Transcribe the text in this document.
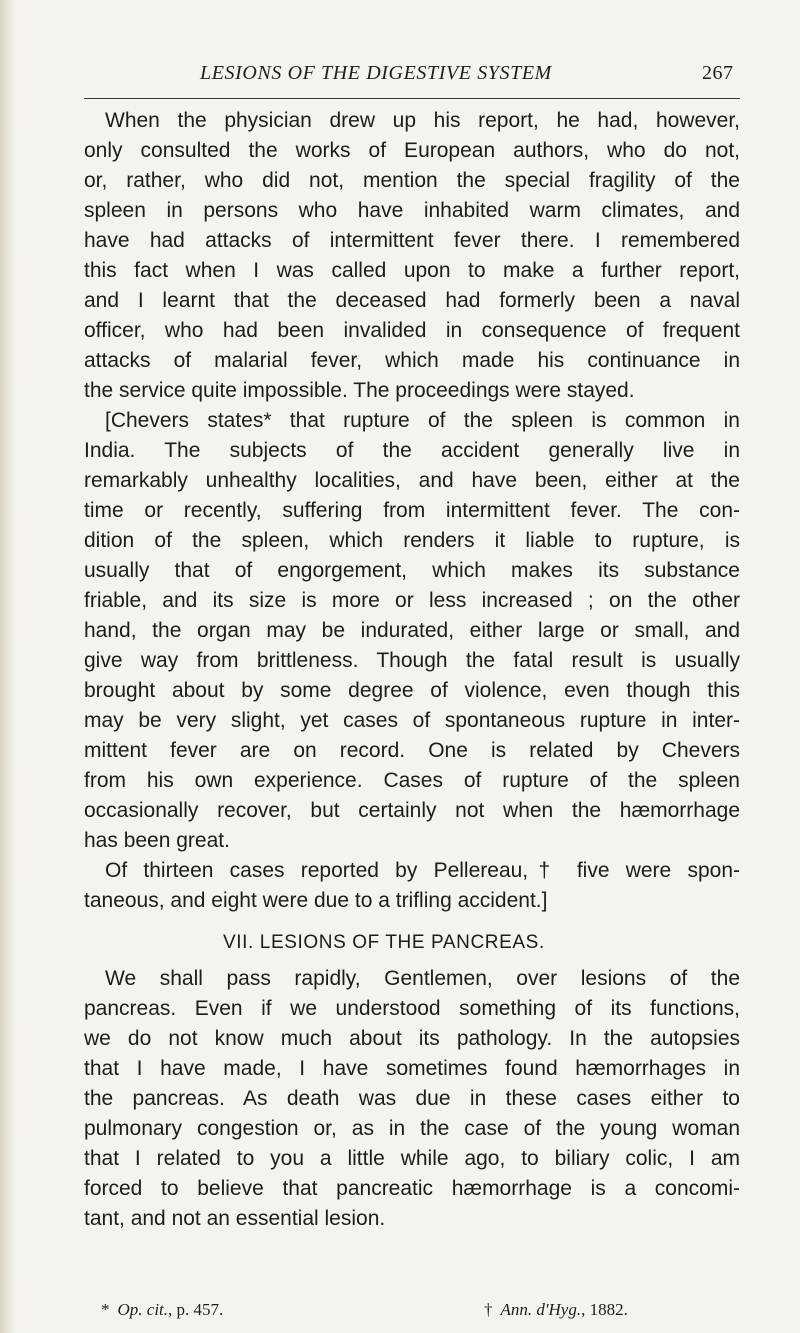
LESIONS OF THE DIGESTIVE SYSTEM	267
When the physician drew up his report, he had, however,
only consulted the works of European authors, who do not,
or, rather, who did not, mention the special fragility of the
spleen in persons who have inhabited warm climates, and
have had attacks of intermittent fever there. I remembered
this fact when I was called upon to make a further report,
and I learnt that the deceased had formerly been a naval
officer, who had been invalided in consequence of frequent
attacks of malarial fever, which made his continuance in
the service quite impossible. The proceedings were stayed.
[Chevers states* that rupture of the spleen is common in
India. The subjects of the accident generally live in
remarkably unhealthy localities, and have been, either at the
time or recently, suffering from intermittent fever. The con-
dition of the spleen, which renders it liable to rupture, is
usually that of engorgement, which makes its substance
friable, and its size is more or less increased ; on the other
hand, the organ may be indurated, either large or small, and
give way from brittleness. Though the fatal result is usually
brought about by some degree of violence, even though this
may be very slight, yet cases of spontaneous rupture in inter-
mittent fever are on record. One is related by Chevers
from his own experience. Cases of rupture of the spleen
occasionally recover, but certainly not when the hæmorrhage
has been great.
Of thirteen cases reported by Pellereau,† five were spon-
taneous, and eight were due to a trifling accident.]
VII. LESIONS OF THE PANCREAS.
We shall pass rapidly, Gentlemen, over lesions of the
pancreas. Even if we understood something of its functions,
we do not know much about its pathology. In the autopsies
that I have made, I have sometimes found hæmorrhages in
the pancreas. As death was due in these cases either to
pulmonary congestion or, as in the case of the young woman
that I related to you a little while ago, to biliary colic, I am
forced to believe that pancreatic hæmorrhage is a concomi-
tant, and not an essential lesion.
* Op. cit., p. 457.	† Ann. d'Hyg., 1882.
